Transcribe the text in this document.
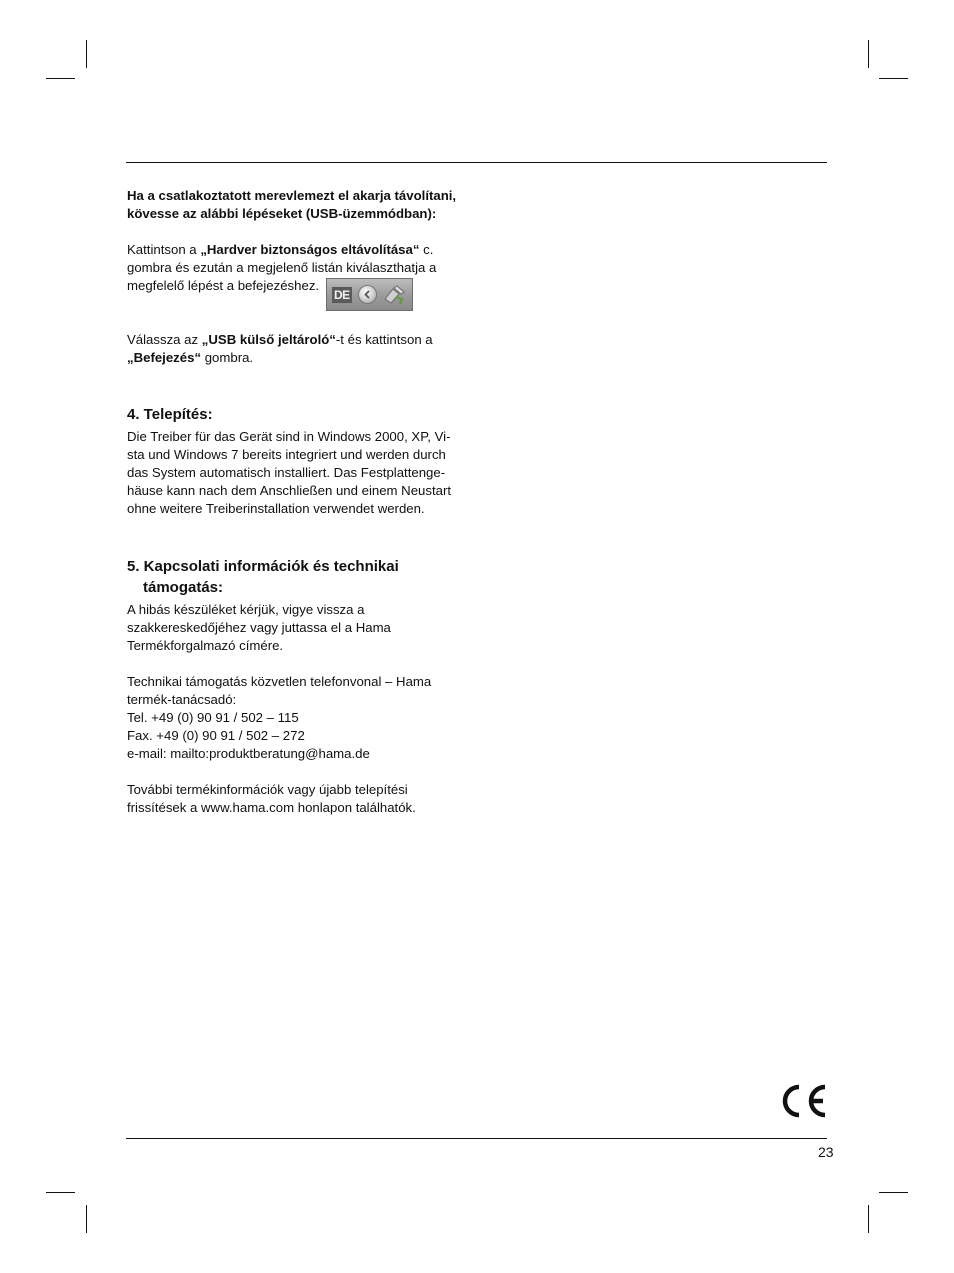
Ha a csatlakoztatott merevlemezt el akarja távolítani,

kövesse az alábbi lépéseket (USB-üzemmódban):

Kattintson a „Hardver biztonságos eltávolítása“ c.

gombra és ezután a megjelenő listán kiválaszthatja a

megfelelő lépést a befejezéshez.

DE

Válassza az „USB külső jeltároló“-t és kattintson a

„Befejezés“ gombra.

4. Telepítés:

Die Treiber für das Gerät sind in Windows 2000, XP, Vi-

sta und Windows 7 bereits integriert und werden durch

das System automatisch installiert. Das Festplattenge-

häuse kann nach dem Anschließen und einem Neustart

ohne weitere Treiberinstallation verwendet werden.

5. Kapcsolati információk és technikai
támogatás:

A hibás készüléket kérjük, vigye vissza a

szakkereskedőjéhez vagy juttassa el a Hama

Termékforgalmazó címére.

Technikai támogatás közvetlen telefonvonal – Hama

termék-tanácsadó:

Tel. +49 (0) 90 91 / 502 – 115

Fax. +49 (0) 90 91 / 502 – 272

e-mail: mailto:produktberatung@hama.de

További termékinformációk vagy újabb telepítési

frissítések a www.hama.com honlapon találhatók.

23
